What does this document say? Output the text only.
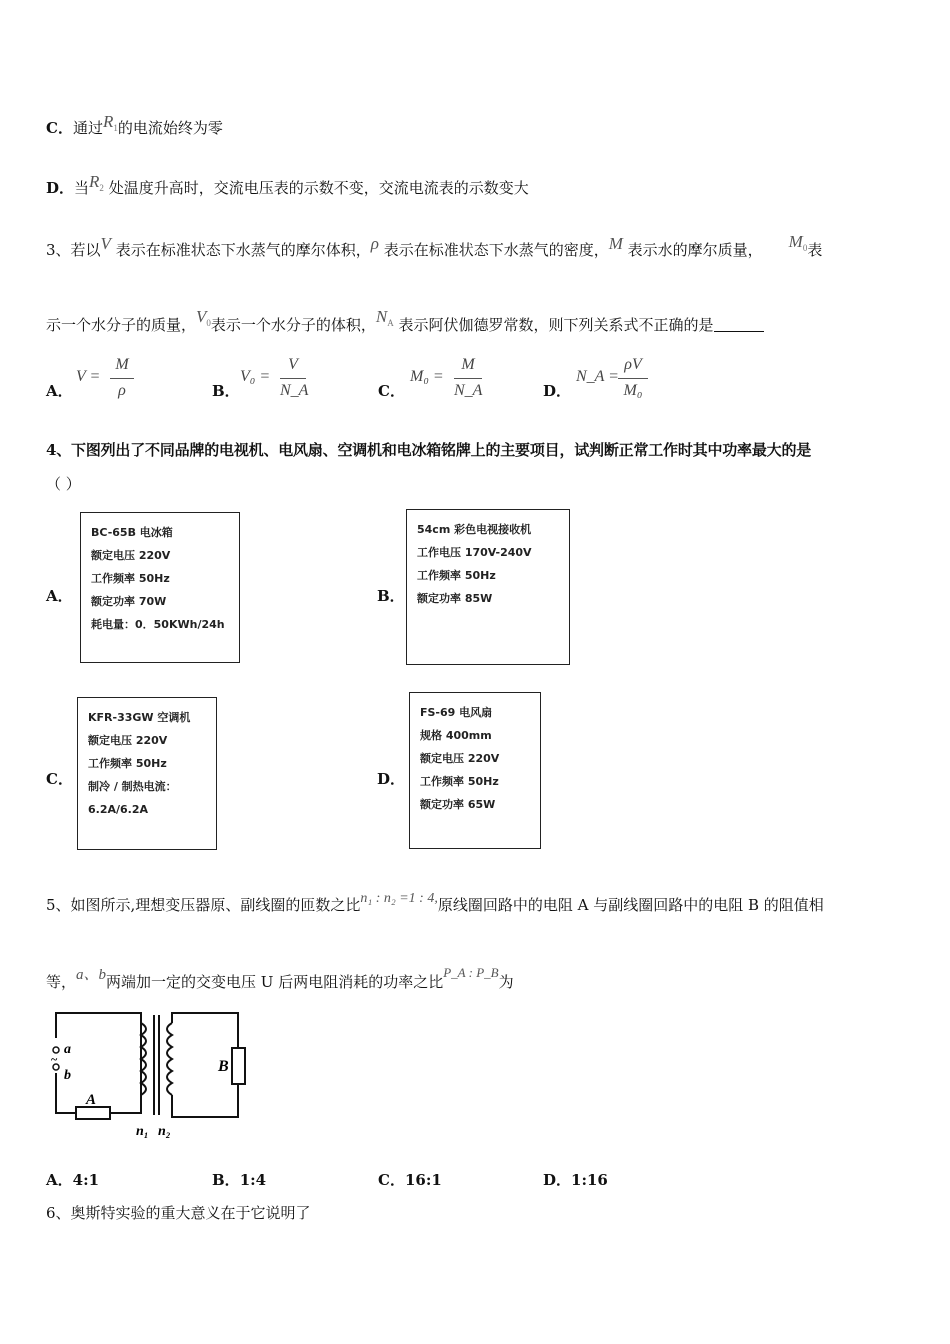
C．通过$R_1$的电流始终为零
D．当$R_2$ 处温度升高时，交流电压表的示数不变，交流电流表的示数变大
3、若以V 表示在标准状态下水蒸气的摩尔体积，ρ 表示在标准状态下水蒸气的密度，M 表示水的摩尔质量， $M_0$表
示一个水分子的质量，$V_0$表示一个水分子的体积，$N_A$ 表示阿伏伽德罗常数，则下列关系式不正确的是
A．
V =
M
ρ	B．
V₀ =
V
N_A	C．
M₀ =
M
N_A	D．
N_A =
ρV
M₀
4、下图列出了不同品牌的电视机、电风扇、空调机和电冰箱铭牌上的主要项目，试判断正常工作时其中功率最大的是
（ ）
A．
BC-65B 电冰箱
额定电压 220V
工作频率 50Hz
额定功率 70W
耗电量：0．50KWh/24h
B．
54cm 彩色电视接收机
工作电压 170V-240V
工作频率 50Hz
额定功率 85W
C．
KFR-33GW 空调机
额定电压 220V
工作频率 50Hz
制冷 / 制热电流：
6.2A/6.2A
D．
FS-69 电风扇
规格 400mm
额定电压 220V
工作频率 50Hz
额定功率 65W
5、如图所示,理想变压器原、副线圈的匝数之比n₁ : n₂ =1 : 4,原线圈回路中的电阻 A 与副线圈回路中的电阻 B 的阻值相
等，a、b两端加一定的交变电压 U 后两电阻消耗的功率之比P_A : P_B为
a
~
b
A
B
n₁ n₂
A．4:1	B．1:4	C．16:1	D．1:16
6、奥斯特实验的重大意义在于它说明了
